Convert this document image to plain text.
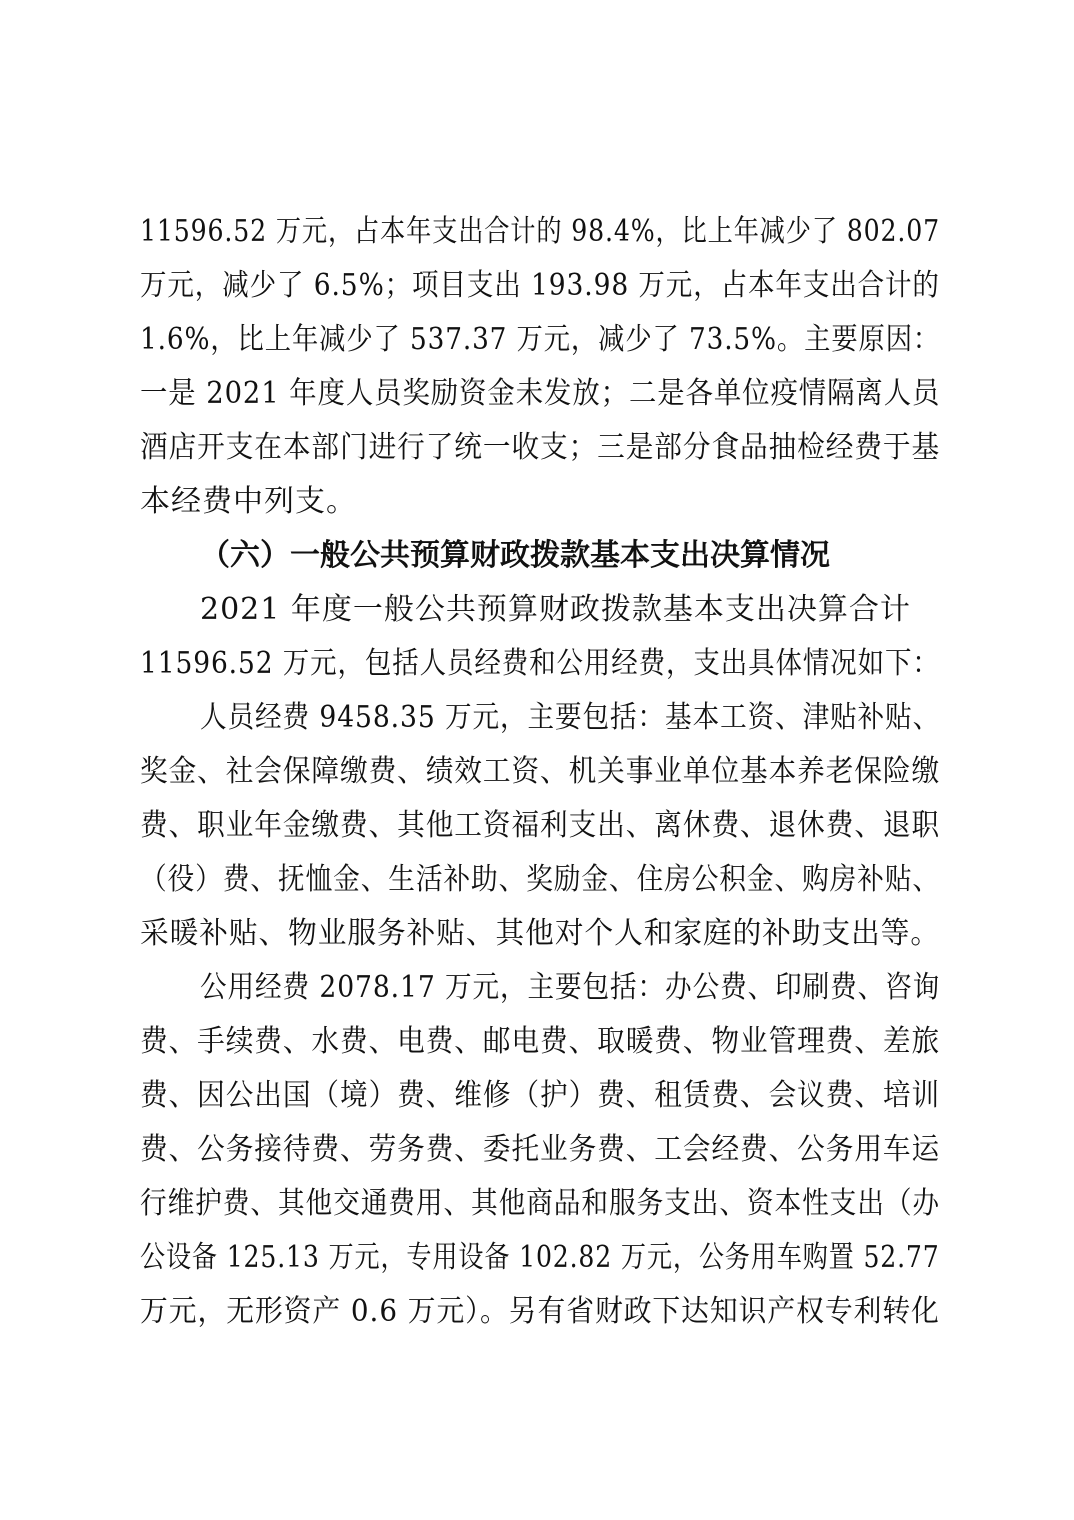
11596.52 万元，占本年支出合计的 98.4%，比上年减少了 802.07
万元，减少了 6.5%；项目支出 193.98 万元，占本年支出合计的
1.6%，比上年减少了 537.37 万元，减少了 73.5%。主要原因：
一是 2021 年度人员奖励资金未发放；二是各单位疫情隔离人员
酒店开支在本部门进行了统一收支；三是部分食品抽检经费于基
本经费中列支。
（六）一般公共预算财政拨款基本支出决算情况
2021 年度一般公共预算财政拨款基本支出决算合计
11596.52 万元，包括人员经费和公用经费，支出具体情况如下：
人员经费 9458.35 万元，主要包括：基本工资、津贴补贴、
奖金、社会保障缴费、绩效工资、机关事业单位基本养老保险缴
费、职业年金缴费、其他工资福利支出、离休费、退休费、退职
（役）费、抚恤金、生活补助、奖励金、住房公积金、购房补贴、
采暖补贴、物业服务补贴、其他对个人和家庭的补助支出等。
公用经费 2078.17 万元，主要包括：办公费、印刷费、咨询
费、手续费、水费、电费、邮电费、取暖费、物业管理费、差旅
费、因公出国（境）费、维修（护）费、租赁费、会议费、培训
费、公务接待费、劳务费、委托业务费、工会经费、公务用车运
行维护费、其他交通费用、其他商品和服务支出、资本性支出（办
公设备 125.13 万元，专用设备 102.82 万元，公务用车购置 52.77
万元，无形资产 0.6 万元）。另有省财政下达知识产权专利转化
